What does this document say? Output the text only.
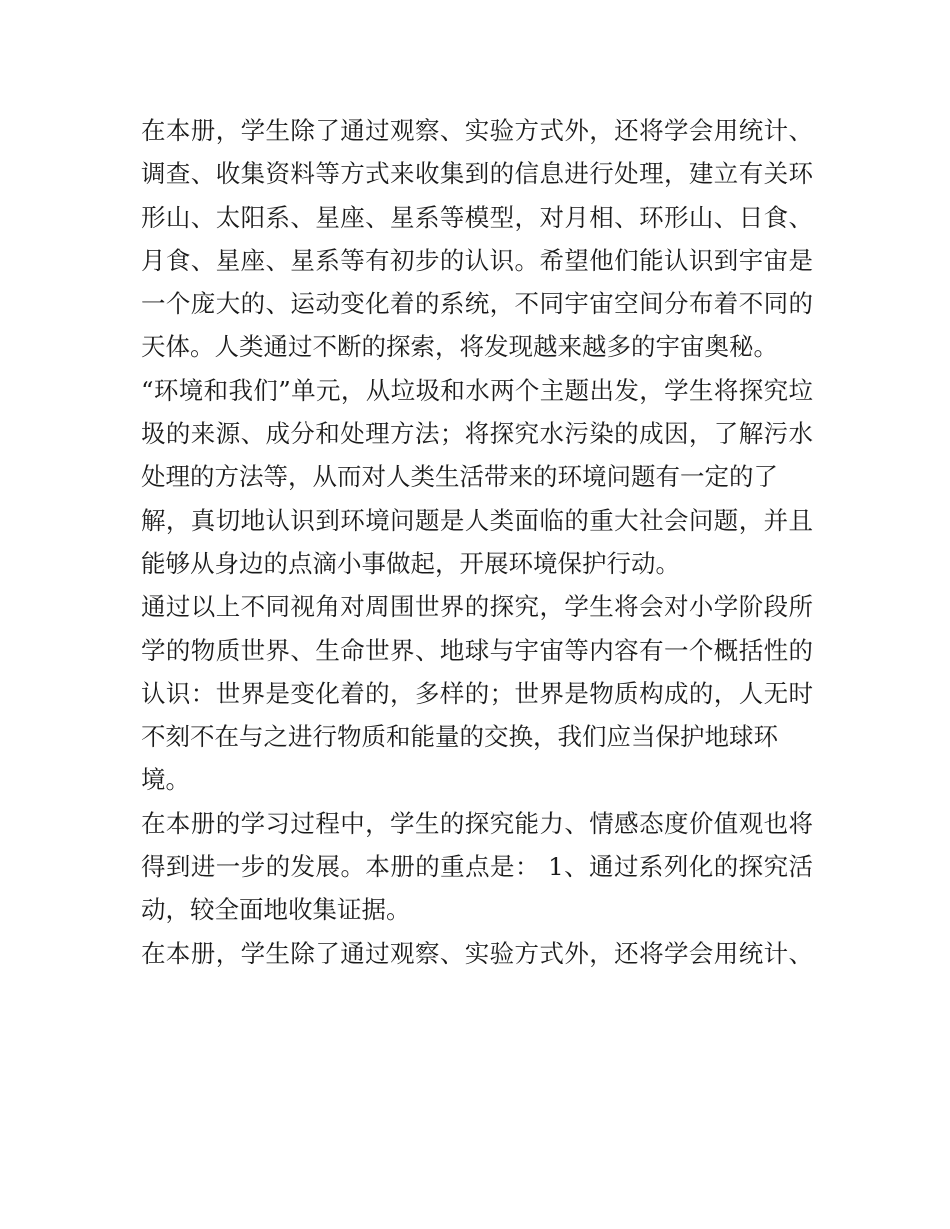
在本册，学生除了通过观察、实验方式外，还将学会用统计、
调查、收集资料等方式来收集到的信息进行处理，建立有关环
形山、太阳系、星座、星系等模型，对月相、环形山、日食、
月食、星座、星系等有初步的认识。希望他们能认识到宇宙是
一个庞大的、运动变化着的系统，不同宇宙空间分布着不同的
天体。人类通过不断的探索，将发现越来越多的宇宙奥秘。
“环境和我们”单元，从垃圾和水两个主题出发，学生将探究垃
圾的来源、成分和处理方法；将探究水污染的成因，了解污水
处理的方法等，从而对人类生活带来的环境问题有一定的了
解，真切地认识到环境问题是人类面临的重大社会问题，并且
能够从身边的点滴小事做起，开展环境保护行动。
通过以上不同视角对周围世界的探究，学生将会对小学阶段所
学的物质世界、生命世界、地球与宇宙等内容有一个概括性的
认识：世界是变化着的，多样的；世界是物质构成的，人无时
不刻不在与之进行物质和能量的交换，我们应当保护地球环
境。
在本册的学习过程中，学生的探究能力、情感态度价值观也将
得到进一步的发展。本册的重点是： 1、通过系列化的探究活
动，较全面地收集证据。
在本册，学生除了通过观察、实验方式外，还将学会用统计、
